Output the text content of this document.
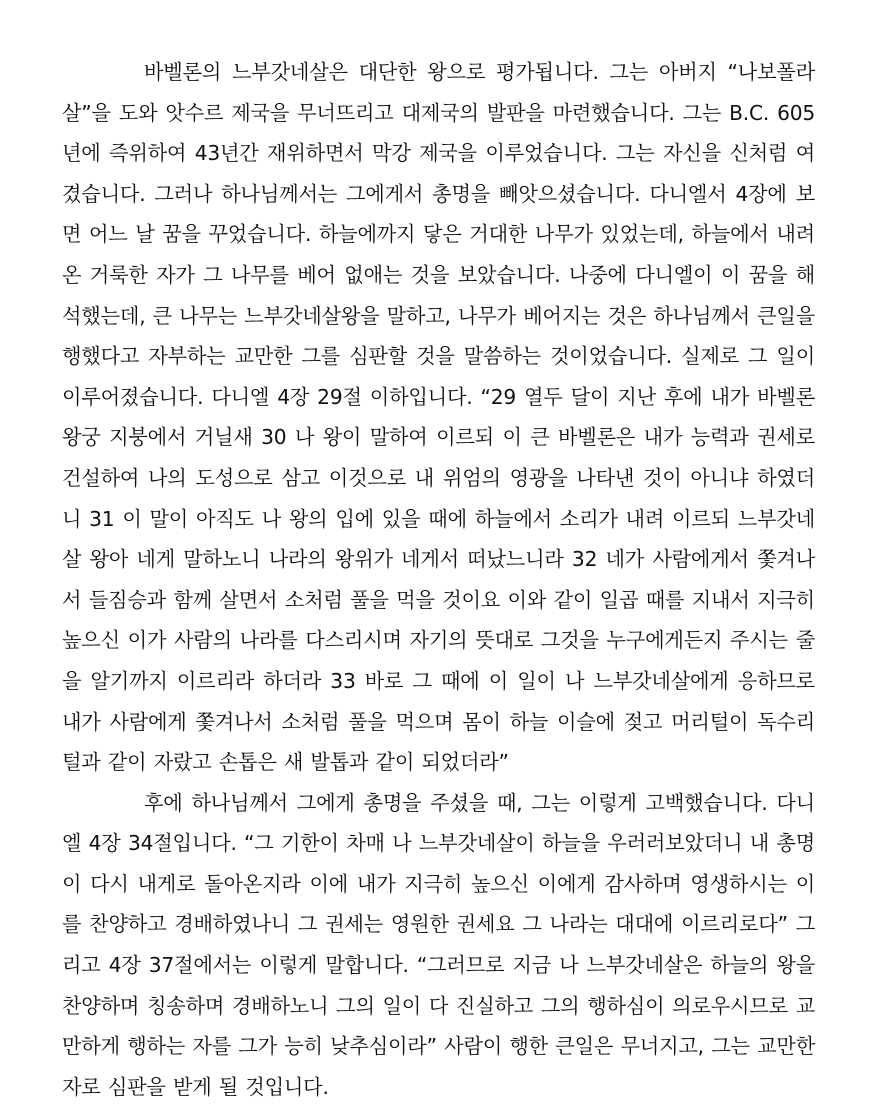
바벨론의 느부갓네살은 대단한 왕으로 평가됩니다. 그는 아버지 “나보폴라살”을 도와 앗수르 제국을 무너뜨리고 대제국의 발판을 마련했습니다. 그는 B.C. 605년에 즉위하여 43년간 재위하면서 막강 제국을 이루었습니다. 그는 자신을 신처럼 여겼습니다. 그러나 하나님께서는 그에게서 총명을 빼앗으셨습니다. 다니엘서 4장에 보면 어느 날 꿈을 꾸었습니다. 하늘에까지 닿은 거대한 나무가 있었는데, 하늘에서 내려온 거룩한 자가 그 나무를 베어 없애는 것을 보았습니다. 나중에 다니엘이 이 꿈을 해석했는데, 큰 나무는 느부갓네살왕을 말하고, 나무가 베어지는 것은 하나님께서 큰일을 행했다고 자부하는 교만한 그를 심판할 것을 말씀하는 것이었습니다. 실제로 그 일이 이루어졌습니다. 다니엘 4장 29절 이하입니다. “29 열두 달이 지난 후에 내가 바벨론 왕궁 지붕에서 거닐새 30 나 왕이 말하여 이르되 이 큰 바벨론은 내가 능력과 권세로 건설하여 나의 도성으로 삼고 이것으로 내 위엄의 영광을 나타낸 것이 아니냐 하였더니 31 이 말이 아직도 나 왕의 입에 있을 때에 하늘에서 소리가 내려 이르되 느부갓네살 왕아 네게 말하노니 나라의 왕위가 네게서 떠났느니라 32 네가 사람에게서 쫓겨나서 들짐승과 함께 살면서 소처럼 풀을 먹을 것이요 이와 같이 일곱 때를 지내서 지극히 높으신 이가 사람의 나라를 다스리시며 자기의 뜻대로 그것을 누구에게든지 주시는 줄을 알기까지 이르리라 하더라 33 바로 그 때에 이 일이 나 느부갓네살에게 응하므로 내가 사람에게 쫓겨나서 소처럼 풀을 먹으며 몸이 하늘 이슬에 젖고 머리털이 독수리 털과 같이 자랐고 손톱은 새 발톱과 같이 되었더라”

후에 하나님께서 그에게 총명을 주셨을 때, 그는 이렇게 고백했습니다. 다니엘 4장 34절입니다. “그 기한이 차매 나 느부갓네살이 하늘을 우러러보았더니 내 총명이 다시 내게로 돌아온지라 이에 내가 지극히 높으신 이에게 감사하며 영생하시는 이를 찬양하고 경배하였나니 그 권세는 영원한 권세요 그 나라는 대대에 이르리로다” 그리고 4장 37절에서는 이렇게 말합니다. “그러므로 지금 나 느부갓네살은 하늘의 왕을 찬양하며 칭송하며 경배하노니 그의 일이 다 진실하고 그의 행하심이 의로우시므로 교만하게 행하는 자를 그가 능히 낮추심이라” 사람이 행한 큰일은 무너지고, 그는 교만한 자로 심판을 받게 될 것입니다.
